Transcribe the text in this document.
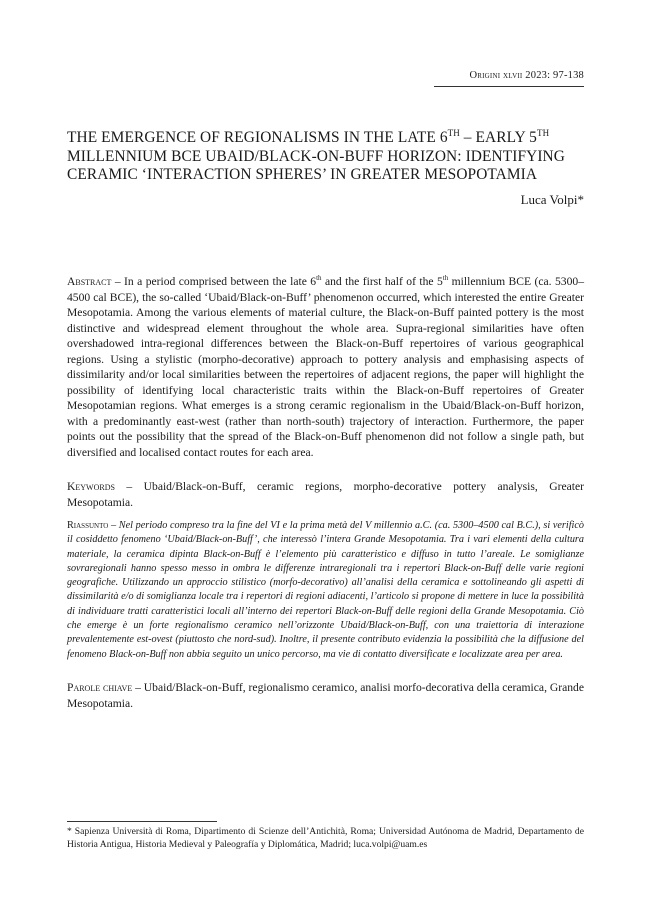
Origini xlvii 2023: 97-138
THE EMERGENCE OF REGIONALISMS IN THE LATE 6TH – EARLY 5TH MILLENNIUM BCE UBAID/BLACK-ON-BUFF HORIZON: IDENTIFYING CERAMIC ‘INTERACTION SPHERES’ IN GREATER MESOPOTAMIA
Luca Volpi*
Abstract – In a period comprised between the late 6th and the first half of the 5th millennium BCE (ca. 5300–4500 cal BCE), the so-called ‘Ubaid/Black-on-Buff’ phenomenon occurred, which interested the entire Greater Mesopotamia. Among the various elements of material culture, the Black-on-Buff painted pottery is the most distinctive and widespread element throughout the whole area. Supra-regional similarities have often overshadowed intra-regional differences between the Black-on-Buff repertoires of various geographical regions. Using a stylistic (morpho-decorative) approach to pottery analysis and emphasising aspects of dissimilarity and/or local similarities between the repertoires of adjacent regions, the paper will highlight the possibility of identifying local characteristic traits within the Black-on-Buff repertoires of Greater Mesopotamian regions. What emerges is a strong ceramic regionalism in the Ubaid/Black-on-Buff horizon, with a predominantly east-west (rather than north-south) trajectory of interaction. Furthermore, the paper points out the possibility that the spread of the Black-on-Buff phenomenon did not follow a single path, but diversified and localised contact routes for each area.
Keywords – Ubaid/Black-on-Buff, ceramic regions, morpho-decorative pottery analysis, Greater Mesopotamia.
Riassunto – Nel periodo compreso tra la fine del VI e la prima metà del V millennio a.C. (ca. 5300–4500 cal B.C.), si verificò il cosiddetto fenomeno ‘Ubaid/Black-on-Buff’, che interessò l’intera Grande Mesopotamia. Tra i vari elementi della cultura materiale, la ceramica dipinta Black-on-Buff è l’elemento più caratteristico e diffuso in tutto l’areale. Le somiglianze sovraregionali hanno spesso messo in ombra le differenze intraregionali tra i repertori Black-on-Buff delle varie regioni geografiche. Utilizzando un approccio stilistico (morfo-decorativo) all’analisi della ceramica e sottolineando gli aspetti di dissimilarità e/o di somiglianza locale tra i repertori di regioni adiacenti, l’articolo si propone di mettere in luce la possibilità di individuare tratti caratteristici locali all’interno dei repertori Black-on-Buff delle regioni della Grande Mesopotamia. Ciò che emerge è un forte regionalismo ceramico nell’orizzonte Ubaid/Black-on-Buff, con una traiettoria di interazione prevalentemente est-ovest (piuttosto che nord-sud). Inoltre, il presente contributo evidenzia la possibilità che la diffusione del fenomeno Black-on-Buff non abbia seguito un unico percorso, ma vie di contatto diversificate e localizzate area per area.
Parole chiave – Ubaid/Black-on-Buff, regionalismo ceramico, analisi morfo-decorativa della ceramica, Grande Mesopotamia.
* Sapienza Università di Roma, Dipartimento di Scienze dell’Antichità, Roma; Universidad Autónoma de Madrid, Departamento de Historia Antigua, Historia Medieval y Paleografía y Diplomática, Madrid; luca.volpi@uam.es
